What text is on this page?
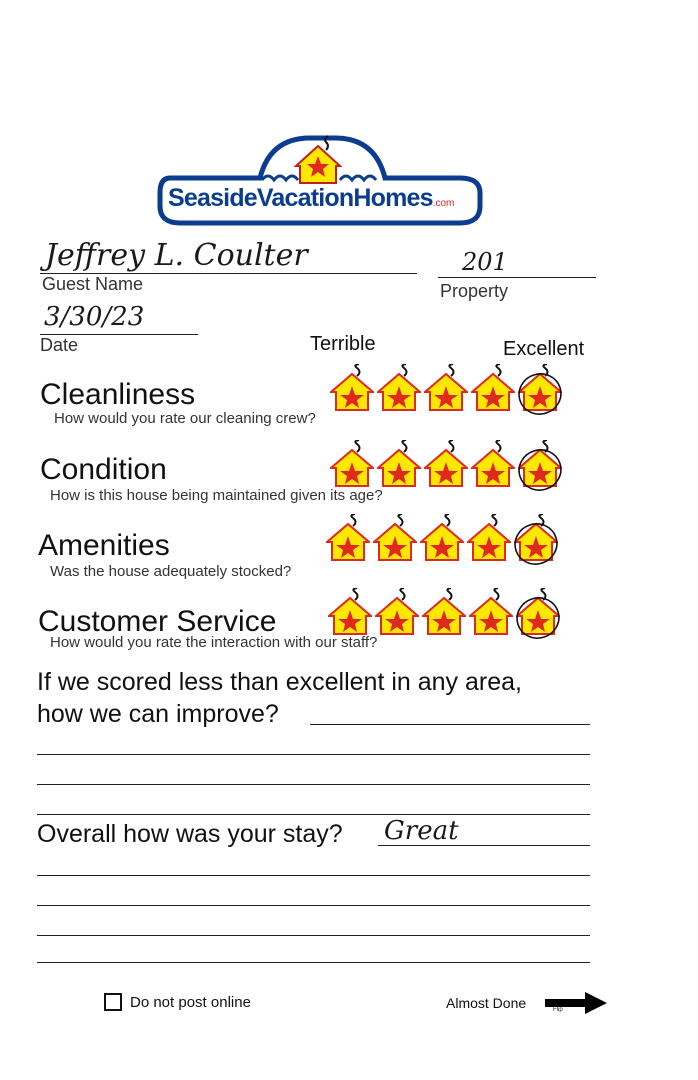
SeasideVacationHomes.com
Jeffrey L. Coulter
Guest Name
201
Property
3/30/23
Date	Terrible	Excellent
Cleanliness
How would you rate our cleaning crew?
Condition
How is this house being maintained given its age?
Amenities
Was the house adequately stocked?
Customer Service
How would you rate the interaction with our staff?
If we scored less than excellent in any area,
how we can improve?
Overall how was your stay? Great
Do not post online	Almost Done	Flip
